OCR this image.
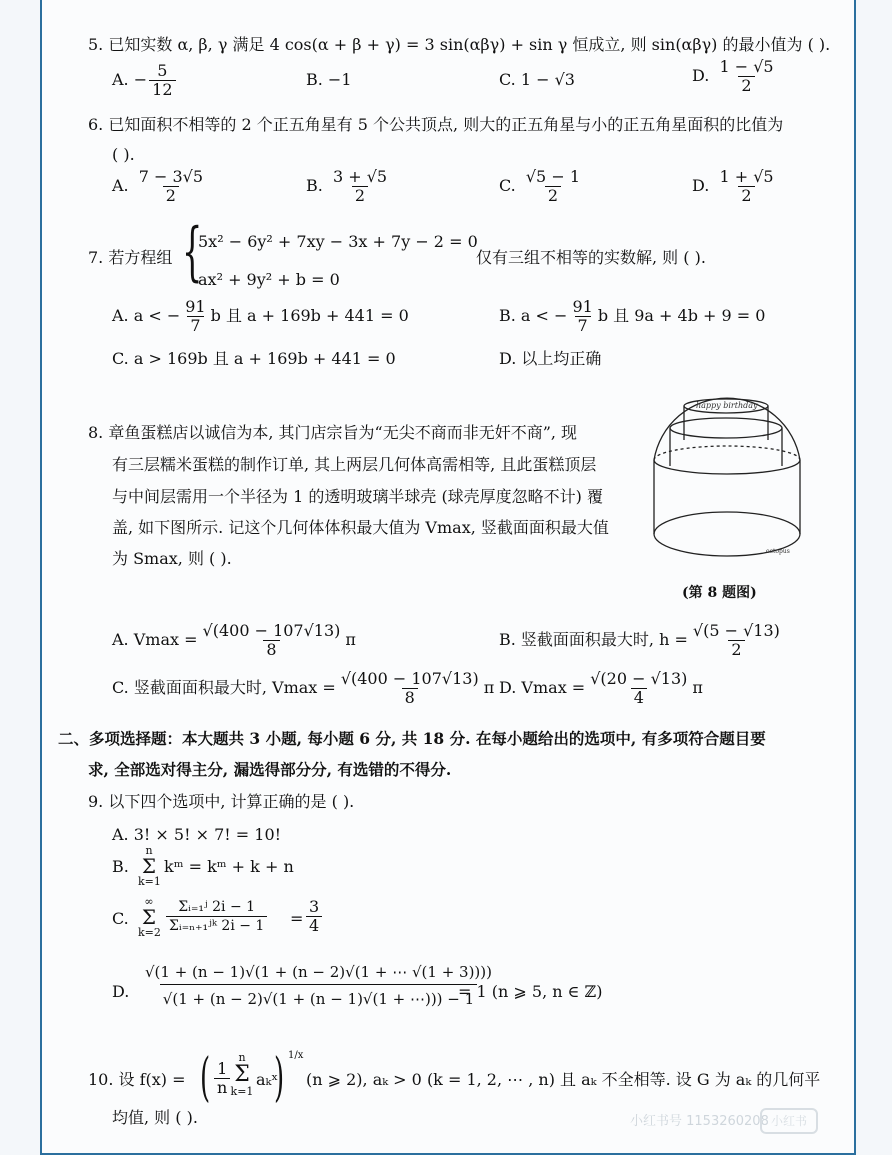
5. 已知实数 α, β, γ 满足 4 cos(α + β + γ) = 3 sin(αβγ) + sin γ 恒成立, 则 sin(αβγ) 的最小值为 ( ).
A. − $\frac{5}{12}$	B. −1	C. 1 − √3	D. $\frac{1 - √5}{2}$
6. 已知面积不相等的 2 个正五角星有 5 个公共顶点, 则大的正五角星与小的正五角星面积的比值为
( ).
A. $\frac{7 - 3√5}{2}$	B. $\frac{3 + √5}{2}$	C. $\frac{√5 - 1}{2}$	D. $\frac{1 + √5}{2}$
7. 若方程组 {
5x² − 6y² + 7xy − 3x + 7y − 2 = 0
ax² + 9y² + b = 0
仅有三组不相等的实数解, 则 ( ).
A. a < − $\frac{91}{7}$ b 且 a + 169b + 441 = 0	B. a < − $\frac{91}{7}$ b 且 9a + 4b + 9 = 0
C. a > 169b 且 a + 169b + 441 = 0	D. 以上均正确
8. 章鱼蛋糕店以诚信为本, 其门店宗旨为“无尖不商而非无奸不商”, 现
有三层糯米蛋糕的制作订单, 其上两层几何体高需相等, 且此蛋糕顶层
与中间层需用一个半径为 1 的透明玻璃半球壳 (球壳厚度忽略不计) 覆
盖, 如下图所示. 记这个几何体体积最大值为 Vmax, 竖截面面积最大值
为 Smax, 则 ( ).
happy birthday
octopus
(第 8 题图)
A. $Vmax = \frac{√(400 - 107√13)}{8}$ π	B. 竖截面面积最大时, $h = \frac{√(5 - √13)}{2}$
C. 竖截面面积最大时, $Vmax = \frac{√(400 - 107√13)}{8}$ π D. $Vmax = \frac{√(20 - √13)}{4}$ π
二、多项选择题：本大题共 3 小题, 每小题 6 分, 共 18 分. 在每小题给出的选项中, 有多项符合题目要
求, 全部选对得主分, 漏选得部分分, 有选错的不得分.
9. 以下四个选项中, 计算正确的是 ( ).
A. 3! × 5! × 7! = 10!
B.
n
Σ
k=1
kᵐ = kᵐ + k + n
C.
∞
Σ
$k=2 \frac{\text{Σᵢ₌₁ʲ 2i − 1}}{\text{Σᵢ₌ₙ₊₁ʲᵏ 2i − 1}} = \frac{3}{4}$
D. $\frac{√(1 + (n - 1)√(1 + (n - 2)√(1 + \cdots √(1 + 3))))}{√(1 + (n - 2)√(1 + (n - 1)√(1 + \cdots))) - 1}$
= 1 (n ⩾ 5, n ∈ ℤ)
10. 设 f(x) = ( $\frac{1}{n}$
n
Σ
k=1
aₖˣ
) 1/x
(n ⩾ 2), aₖ > 0 (k = 1, 2, ⋯ , n) 且 aₖ 不全相等. 设 G 为 aₖ 的几何平
均值, 则 ( ).	小红书号 1153260208 小红书
